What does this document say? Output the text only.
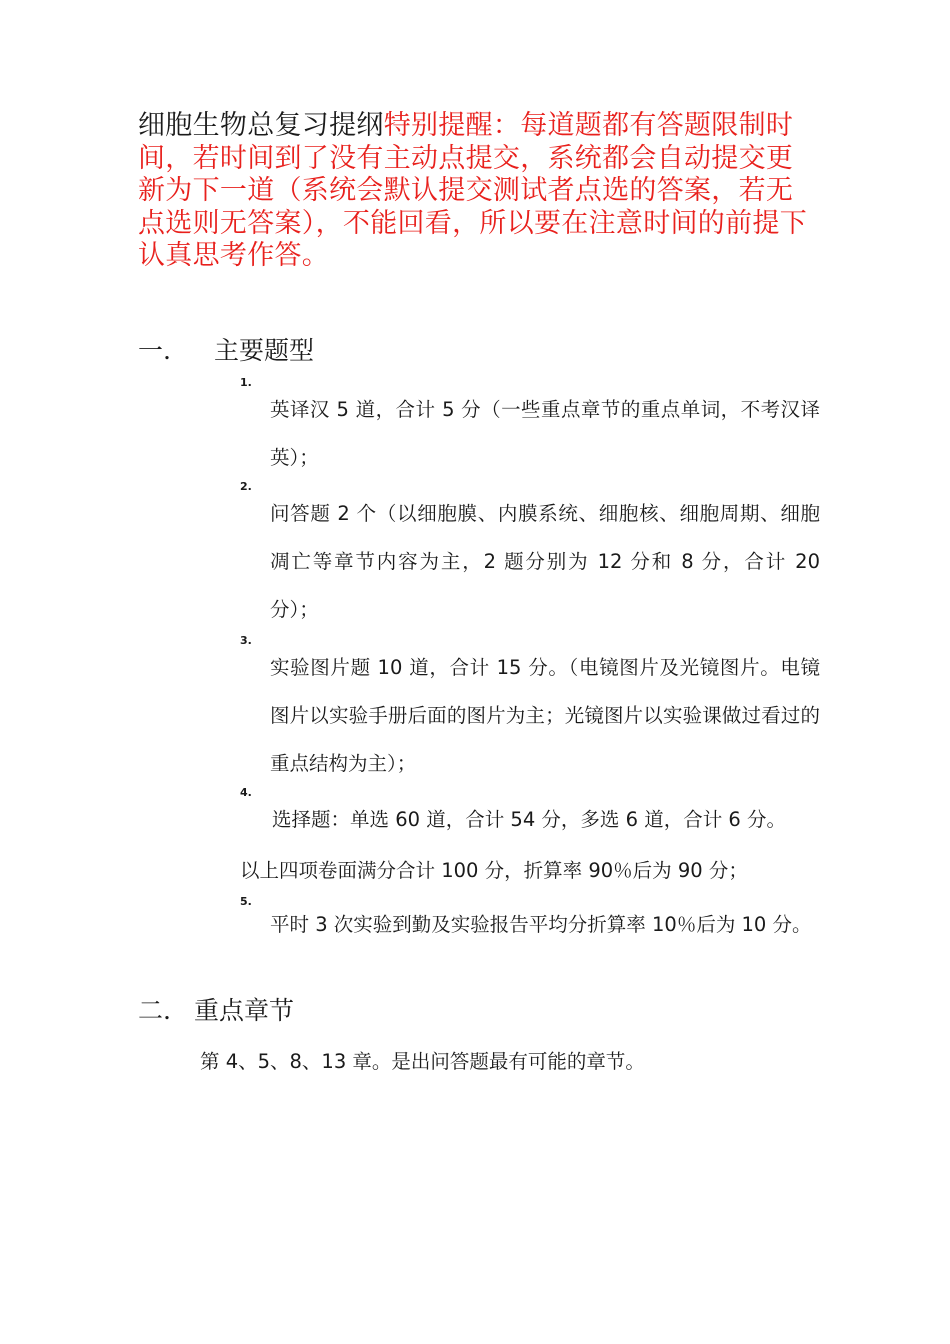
细胞生物总复习提纲特别提醒：每道题都有答题限制时间，若时间到了没有主动点提交，系统都会自动提交更新为下一道（系统会默认提交测试者点选的答案，若无点选则无答案），不能回看，所以要在注意时间的前提下认真思考作答。
一. 主要题型
1.
英译汉 5 道，合计 5 分（一些重点章节的重点单词，不考汉译英）；
2.
问答题 2 个（以细胞膜、内膜系统、细胞核、细胞周期、细胞凋亡等章节内容为主，2 题分别为 12 分和 8 分，合计 20 分）；
3.
实验图片题 10 道，合计 15 分。（电镜图片及光镜图片。电镜图片以实验手册后面的图片为主；光镜图片以实验课做过看过的重点结构为主）；
4.
选择题：单选 60 道，合计 54 分，多选 6 道，合计 6 分。
以上四项卷面满分合计 100 分，折算率 90％后为 90 分；
5.
平时 3 次实验到勤及实验报告平均分折算率 10％后为 10 分。
二. 重点章节
第 4、5、8、13 章。是出问答题最有可能的章节。
